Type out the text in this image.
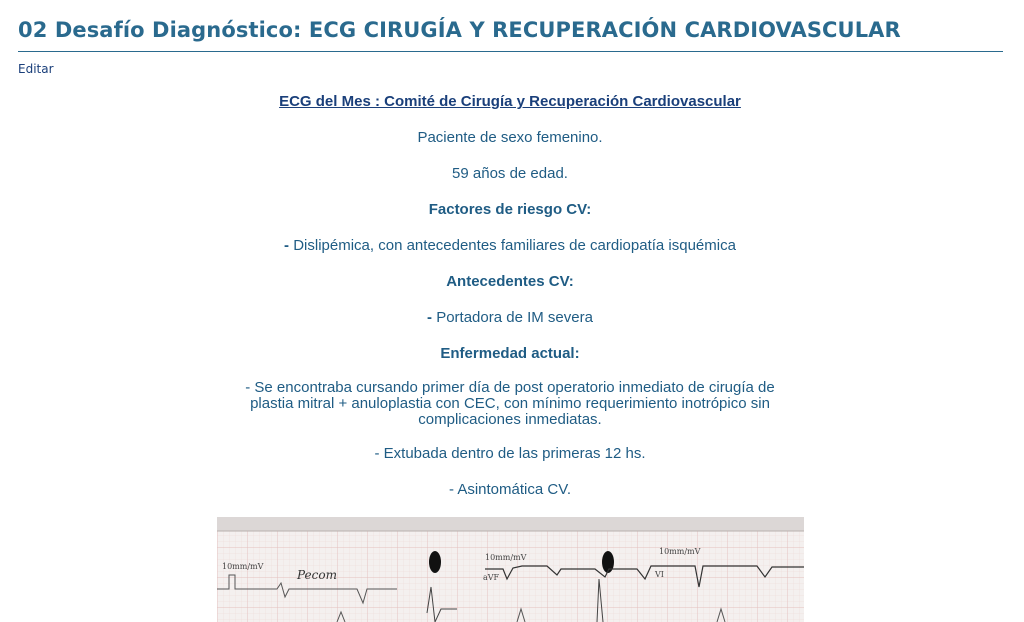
02 Desafío Diagnóstico: ECG CIRUGÍA Y RECUPERACIÓN CARDIOVASCULAR
Editar
ECG del Mes : Comité de Cirugía y Recuperación Cardiovascular

Paciente de sexo femenino.

59 años de edad.

Factores de riesgo CV:

- Dislipémica, con antecedentes familiares de cardiopatía isquémica

Antecedentes CV:

- Portadora de IM severa

Enfermedad actual:

- Se encontraba cursando primer día de post operatorio inmediato de cirugía de
plastia mitral + anuloplastia con CEC, con mínimo requerimiento inotrópico sin
complicaciones inmediatas.

- Extubada dentro de las primeras 12 hs.

- Asintomática CV.

10mm/mV
10mm/mV
10mm/mV
Pecom	aVF	VI
